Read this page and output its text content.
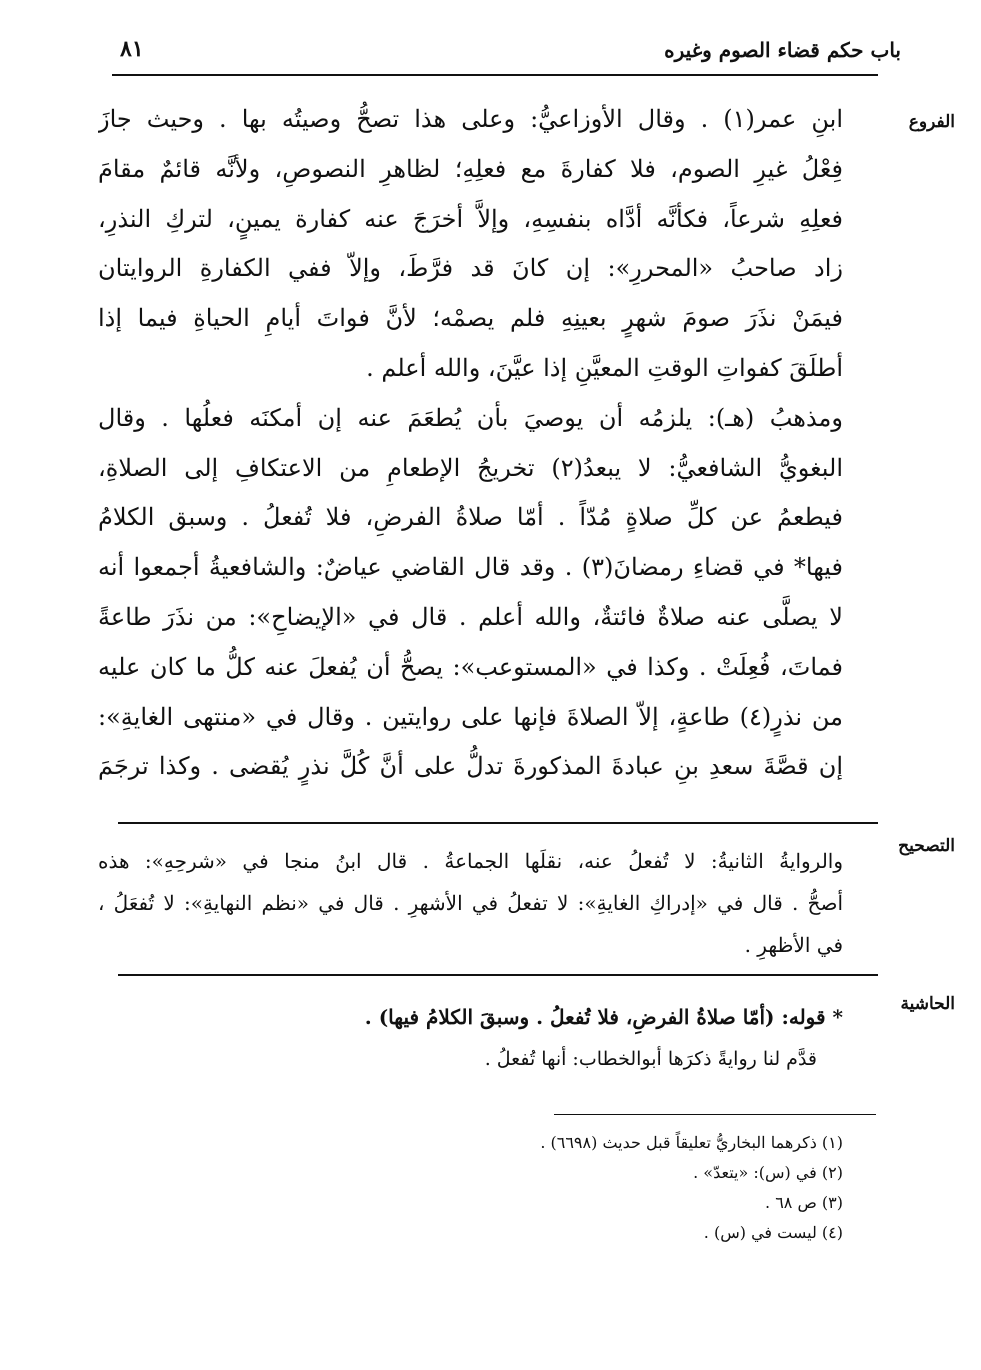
باب حكم قضاء الصوم وغيره
٨١
الفروع
ابنِ عمر(١) . وقال الأوزاعيُّ: وعلى هذا تصحُّ وصيتُه بها . وحيث جازَ
فِعْلُ غيرِ الصوم، فلا كفارةَ مع فعلِهِ؛ لظاهرِ النصوصِ، ولأنَّه قائمٌ مقامَ
فعلِهِ شرعاً، فكأنَّه أدَّاه بنفسِهِ، وإلاَّ أخرَجَ عنه كفارة يمينٍ، لتركِ النذرِ،
زاد صاحبُ «المحررِ»: إن كانَ قد فرَّطَ، وإلاّ ففي الكفارةِ الروايتان
فيمَنْ نذَرَ صومَ شهرٍ بعينِهِ فلم يصمْه؛ لأنَّ فواتَ أيامِ الحياةِ فيما إذا
أطلَقَ كفواتِ الوقتِ المعيَّنِ إذا عيَّنَ، والله أعلم .
ومذهبُ (هـ): يلزمُه أن يوصيَ بأن يُطعَمَ عنه إن أمكنَه فعلُها . وقال
البغويُّ الشافعيُّ: لا يبعدُ(٢) تخريجُ الإطعامِ من الاعتكافِ إلى الصلاةِ،
فيطعمُ عن كلِّ صلاةٍ مُدّاً . أمّا صلاةُ الفرضِ، فلا تُفعلُ . وسبق الكلامُ
فيها* في قضاءِ رمضانَ(٣) . وقد قال القاضي عياضٌ: والشافعيةُ أجمعوا أنه
لا يصلَّى عنه صلاةٌ فائتةٌ، والله أعلم . قال في «الإيضاحِ»: من نذَرَ طاعةً
فماتَ، فُعِلَتْ . وكذا في «المستوعب»: يصحُّ أن يُفعلَ عنه كلُّ ما كان عليه
من نذرٍ(٤) طاعةٍ، إلاّ الصلاةَ فإنها على روايتين . وقال في «منتهى الغايةِ»:
إن قصَّةَ سعدِ بنِ عبادةَ المذكورةَ تدلُّ على أنَّ كُلَّ نذرٍ يُقضى . وكذا ترجَمَ
التصحيح
والروايةُ الثانيةُ: لا تُفعلُ عنه، نقلَها الجماعةُ . قال ابنُ منجا في «شرحِهِ»: هذه
أصحُّ . قال في «إدراكِ الغايةِ»: لا تفعلُ في الأشهرِ . قال في «نظم النهايةِ»: لا تُفعَلُ ،
في الأظهرِ .
الحاشية
* قوله: (أمّا صلاةُ الفرضِ، فلا تُفعلُ . وسبقَ الكلامُ فيها) .
قدَّم لنا روايةً ذكرَها أبوالخطاب: أنها تُفعلُ .
(١) ذكرهما البخاريُّ تعليقاً قبل حديث (٦٦٩٨) .
(٢) في (س): «يتعدّ» .
(٣) ص ٦٨ .
(٤) ليست في (س) .
